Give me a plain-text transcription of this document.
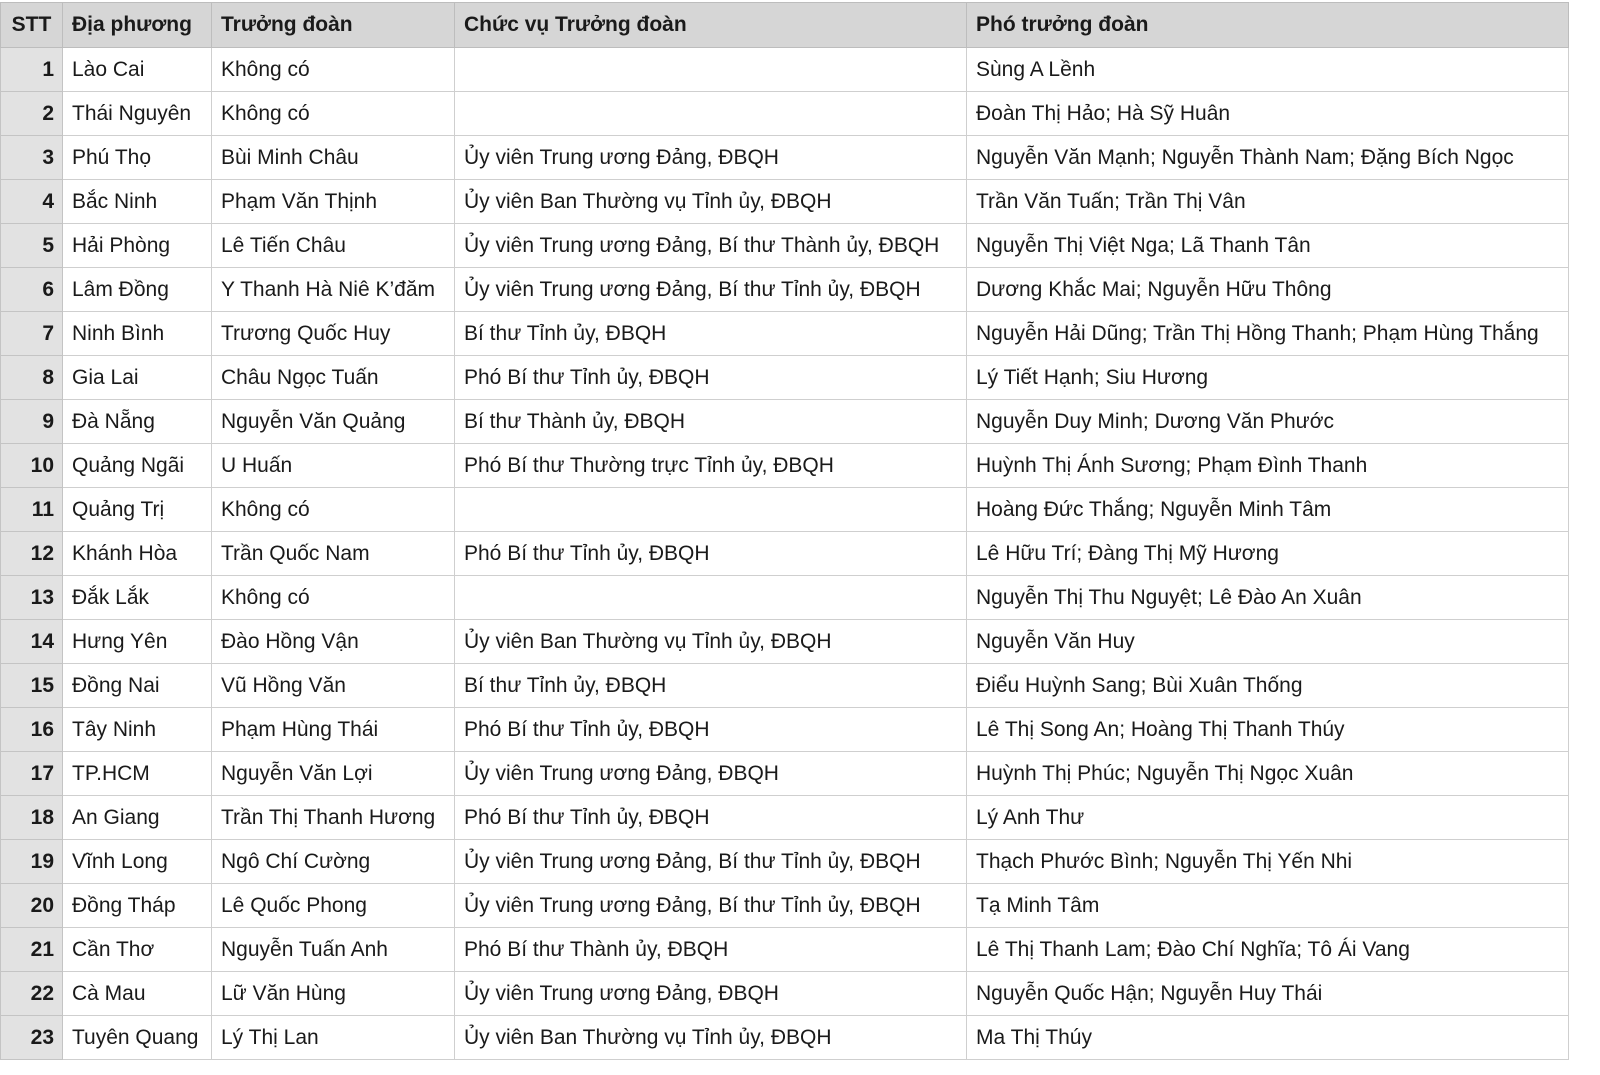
STT	Địa phương	Trưởng đoàn	Chức vụ Trưởng đoàn	Phó trưởng đoàn
1	Lào Cai	Không có		Sùng A Lềnh
2	Thái Nguyên	Không có		Đoàn Thị Hảo; Hà Sỹ Huân
3	Phú Thọ	Bùi Minh Châu	Ủy viên Trung ương Đảng, ĐBQH	Nguyễn Văn Mạnh; Nguyễn Thành Nam; Đặng Bích Ngọc
4	Bắc Ninh	Phạm Văn Thịnh	Ủy viên Ban Thường vụ Tỉnh ủy, ĐBQH	Trần Văn Tuấn; Trần Thị Vân
5	Hải Phòng	Lê Tiến Châu	Ủy viên Trung ương Đảng, Bí thư Thành ủy, ĐBQH	Nguyễn Thị Việt Nga; Lã Thanh Tân
6	Lâm Đồng	Y Thanh Hà Niê K’đăm	Ủy viên Trung ương Đảng, Bí thư Tỉnh ủy, ĐBQH	Dương Khắc Mai; Nguyễn Hữu Thông
7	Ninh Bình	Trương Quốc Huy	Bí thư Tỉnh ủy, ĐBQH	Nguyễn Hải Dũng; Trần Thị Hồng Thanh; Phạm Hùng Thắng
8	Gia Lai	Châu Ngọc Tuấn	Phó Bí thư Tỉnh ủy, ĐBQH	Lý Tiết Hạnh; Siu Hương
9	Đà Nẵng	Nguyễn Văn Quảng	Bí thư Thành ủy, ĐBQH	Nguyễn Duy Minh; Dương Văn Phước
10	Quảng Ngãi	U Huấn	Phó Bí thư Thường trực Tỉnh ủy, ĐBQH	Huỳnh Thị Ánh Sương; Phạm Đình Thanh
11	Quảng Trị	Không có		Hoàng Đức Thắng; Nguyễn Minh Tâm
12	Khánh Hòa	Trần Quốc Nam	Phó Bí thư Tỉnh ủy, ĐBQH	Lê Hữu Trí; Đàng Thị Mỹ Hương
13	Đắk Lắk	Không có		Nguyễn Thị Thu Nguyệt; Lê Đào An Xuân
14	Hưng Yên	Đào Hồng Vận	Ủy viên Ban Thường vụ Tỉnh ủy, ĐBQH	Nguyễn Văn Huy
15	Đồng Nai	Vũ Hồng Văn	Bí thư Tỉnh ủy, ĐBQH	Điểu Huỳnh Sang; Bùi Xuân Thống
16	Tây Ninh	Phạm Hùng Thái	Phó Bí thư Tỉnh ủy, ĐBQH	Lê Thị Song An; Hoàng Thị Thanh Thúy
17	TP.HCM	Nguyễn Văn Lợi	Ủy viên Trung ương Đảng, ĐBQH	Huỳnh Thị Phúc; Nguyễn Thị Ngọc Xuân
18	An Giang	Trần Thị Thanh Hương	Phó Bí thư Tỉnh ủy, ĐBQH	Lý Anh Thư
19	Vĩnh Long	Ngô Chí Cường	Ủy viên Trung ương Đảng, Bí thư Tỉnh ủy, ĐBQH	Thạch Phước Bình; Nguyễn Thị Yến Nhi
20	Đồng Tháp	Lê Quốc Phong	Ủy viên Trung ương Đảng, Bí thư Tỉnh ủy, ĐBQH	Tạ Minh Tâm
21	Cần Thơ	Nguyễn Tuấn Anh	Phó Bí thư Thành ủy, ĐBQH	Lê Thị Thanh Lam; Đào Chí Nghĩa; Tô Ái Vang
22	Cà Mau	Lữ Văn Hùng	Ủy viên Trung ương Đảng, ĐBQH	Nguyễn Quốc Hận; Nguyễn Huy Thái
23	Tuyên Quang	Lý Thị Lan	Ủy viên Ban Thường vụ Tỉnh ủy, ĐBQH	Ma Thị Thúy
